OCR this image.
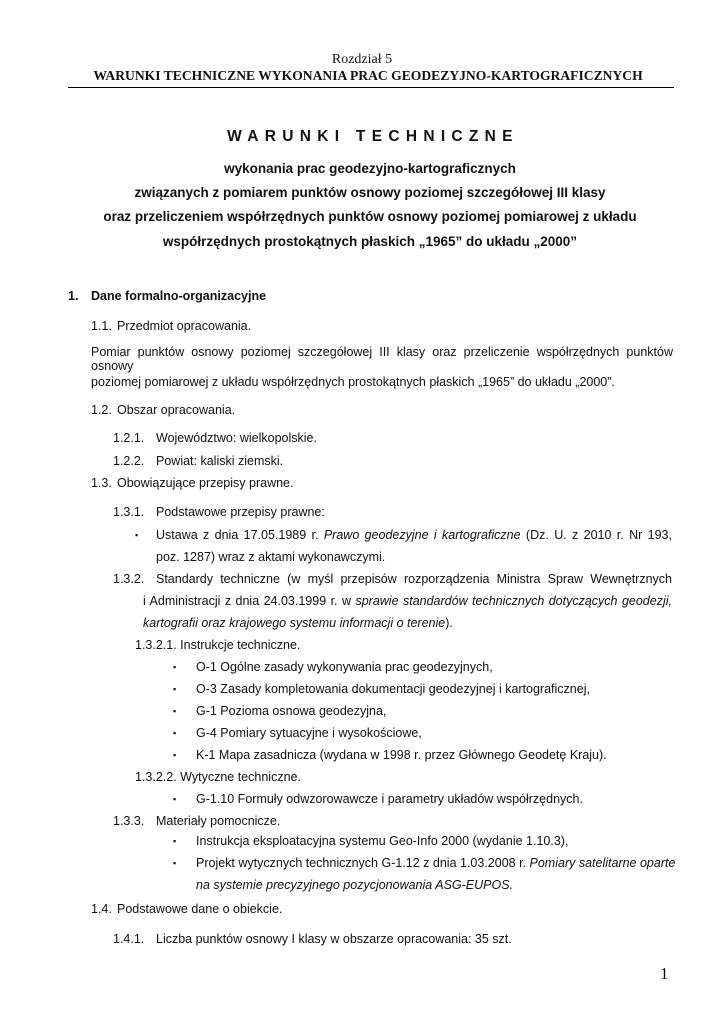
Rozdział 5
WARUNKI TECHNICZNE WYKONANIA PRAC GEODEZYJNO-KARTOGRAFICZNYCH
WARUNKI TECHNICZNE
wykonania prac geodezyjno-kartograficznych
związanych z pomiarem punktów osnowy poziomej szczegółowej III klasy
oraz przeliczeniem współrzędnych punktów osnowy poziomej pomiarowej z układu
współrzędnych prostokątnych płaskich „1965” do układu „2000”
1. Dane formalno-organizacyjne
1.1. Przedmiot opracowania.
Pomiar punktów osnowy poziomej szczegółowej III klasy oraz przeliczenie współrzędnych punktów osnowy
poziomej pomiarowej z układu współrzędnych prostokątnych płaskich „1965” do układu „2000”.
1.2. Obszar opracowania.
1.2.1. Województwo: wielkopolskie.
1.2.2. Powiat: kaliski ziemski.
1.3. Obowiązujące przepisy prawne.
1.3.1. Podstawowe przepisy prawne:
▪ Ustawa z dnia 17.05.1989 r. Prawo geodezyjne i kartograficzne (Dz. U. z 2010 r. Nr 193,
poz. 1287) wraz z aktami wykonawczymi.
1.3.2. Standardy techniczne (w myśl przepisów rozporządzenia Ministra Spraw Wewnętrznych
i Administracji z dnia 24.03.1999 r. w sprawie standardów technicznych dotyczących geodezji,
kartografii oraz krajowego systemu informacji o terenie).
1.3.2.1. Instrukcje techniczne.
▪ O-1 Ogólne zasady wykonywania prac geodezyjnych,
▪ O-3 Zasady kompletowania dokumentacji geodezyjnej i kartograficznej,
▪ G-1 Pozioma osnowa geodezyjna,
▪ G-4 Pomiary sytuacyjne i wysokościowe,
▪ K-1 Mapa zasadnicza (wydana w 1998 r. przez Głównego Geodetę Kraju).
1.3.2.2. Wytyczne techniczne.
▪ G-1.10 Formuły odwzorowawcze i parametry układów współrzędnych.
1.3.3. Materiały pomocnicze.
▪ Instrukcja eksploatacyjna systemu Geo-Info 2000 (wydanie 1.10.3),
▪ Projekt wytycznych technicznych G-1.12 z dnia 1.03.2008 r. Pomiary satelitarne oparte
na systemie precyzyjnego pozycjonowania ASG-EUPOS.
1.4. Podstawowe dane o obiekcie.
1.4.1. Liczba punktów osnowy I klasy w obszarze opracowania: 35 szt.
1
